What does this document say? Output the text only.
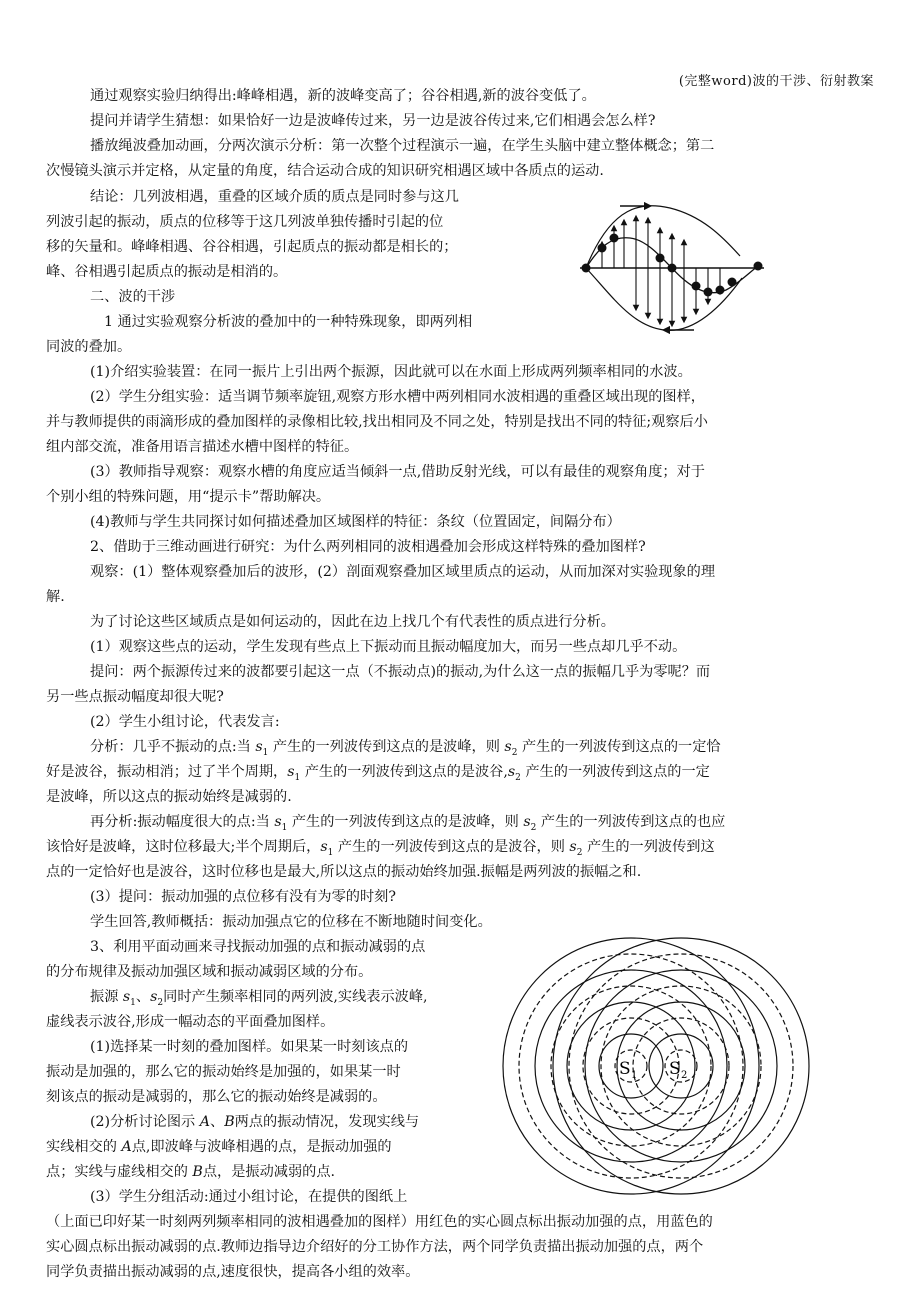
(完整word)波的干涉、衍射教案
通过观察实验归纳得出:峰峰相遇，新的波峰变高了；谷谷相遇,新的波谷变低了。
提问并请学生猜想：如果恰好一边是波峰传过来，另一边是波谷传过来,它们相遇会怎么样?
播放绳波叠加动画，分两次演示分析：第一次整个过程演示一遍，在学生头脑中建立整体概念；第二
次慢镜头演示并定格，从定量的角度，结合运动合成的知识研究相遇区域中各质点的运动.
结论：几列波相遇，重叠的区域介质的质点是同时参与这几
列波引起的振动，质点的位移等于这几列波单独传播时引起的位
移的矢量和。峰峰相遇、谷谷相遇，引起质点的振动都是相长的；
峰、谷相遇引起质点的振动是相消的。
二、波的干涉
1 通过实验观察分析波的叠加中的一种特殊现象，即两列相
同波的叠加。
(1)介绍实验装置：在同一振片上引出两个振源，因此就可以在水面上形成两列频率相同的水波。
(2）学生分组实验：适当调节频率旋钮,观察方形水槽中两列相同水波相遇的重叠区域出现的图样，
并与教师提供的雨滴形成的叠加图样的录像相比较,找出相同及不同之处，特别是找出不同的特征;观察后小
组内部交流，准备用语言描述水槽中图样的特征。
(3）教师指导观察：观察水槽的角度应适当倾斜一点,借助反射光线，可以有最佳的观察角度；对于
个别小组的特殊问题，用“提示卡”帮助解决。
(4)教师与学生共同探讨如何描述叠加区域图样的特征：条纹（位置固定，间隔分布）
2、借助于三维动画进行研究：为什么两列相同的波相遇叠加会形成这样特殊的叠加图样?
观察：(1）整体观察叠加后的波形，(2）剖面观察叠加区域里质点的运动，从而加深对实验现象的理
解.
为了讨论这些区域质点是如何运动的，因此在边上找几个有代表性的质点进行分析。
(1）观察这些点的运动，学生发现有些点上下振动而且振动幅度加大，而另一些点却几乎不动。
提问：两个振源传过来的波都要引起这一点（不振动点)的振动,为什么这一点的振幅几乎为零呢？而
另一些点振动幅度却很大呢?
(2）学生小组讨论，代表发言:
分析：几乎不振动的点:当 $s_1$ 产生的一列波传到这点的是波峰，则 $s_2$ 产生的一列波传到这点的一定恰
好是波谷，振动相消；过了半个周期，$s_1$ 产生的一列波传到这点的是波谷$,s_2$ 产生的一列波传到这点的一定
是波峰，所以这点的振动始终是减弱的.
再分析:振动幅度很大的点:当 $s_1$ 产生的一列波传到这点的是波峰，则 $s_2$ 产生的一列波传到这点的也应
该恰好是波峰，这时位移最大;半个周期后，$s_1$ 产生的一列波传到这点的是波谷，则 $s_2$ 产生的一列波传到这
点的一定恰好也是波谷，这时位移也是最大,所以这点的振动始终加强.振幅是两列波的振幅之和.
(3）提问：振动加强的点位移有没有为零的时刻?
学生回答,教师概括：振动加强点它的位移在不断地随时间变化。
3、利用平面动画来寻找振动加强的点和振动减弱的点
的分布规律及振动加强区域和振动减弱区域的分布。
振源 $s_1$、$s_2$同时产生频率相同的两列波,实线表示波峰,
虚线表示波谷,形成一幅动态的平面叠加图样。
(1)选择某一时刻的叠加图样。如果某一时刻该点的
振动是加强的，那么它的振动始终是加强的，如果某一时
刻该点的振动是减弱的，那么它的振动始终是减弱的。
(2)分析讨论图示 A、B两点的振动情况，发现实线与
实线相交的 A点,即波峰与波峰相遇的点，是振动加强的
点；实线与虚线相交的 B点，是振动减弱的点.
(3）学生分组活动:通过小组讨论，在提供的图纸上
（上面已印好某一时刻两列频率相同的波相遇叠加的图样）用红色的实心圆点标出振动加强的点，用蓝色的
实心圆点标出振动减弱的点.教师边指导边介绍好的分工协作方法，两个同学负责描出振动加强的点，两个
同学负责描出振动减弱的点,速度很快，提高各小组的效率。
S 1 S 2
